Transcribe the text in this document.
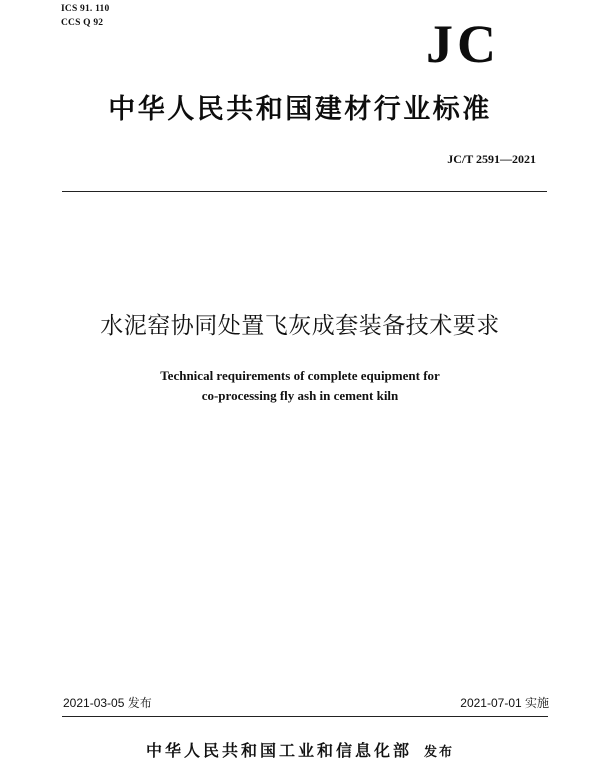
ICS 91. 110
CCS Q 92	JC
中华人民共和国建材行业标准
JC/T 2591—2021
水泥窑协同处置飞灰成套装备技术要求
Technical requirements of complete equipment for
co-processing fly ash in cement kiln
2021-03-05 发布	2021-07-01 实施
中华人民共和国工业和信息化部 发布
